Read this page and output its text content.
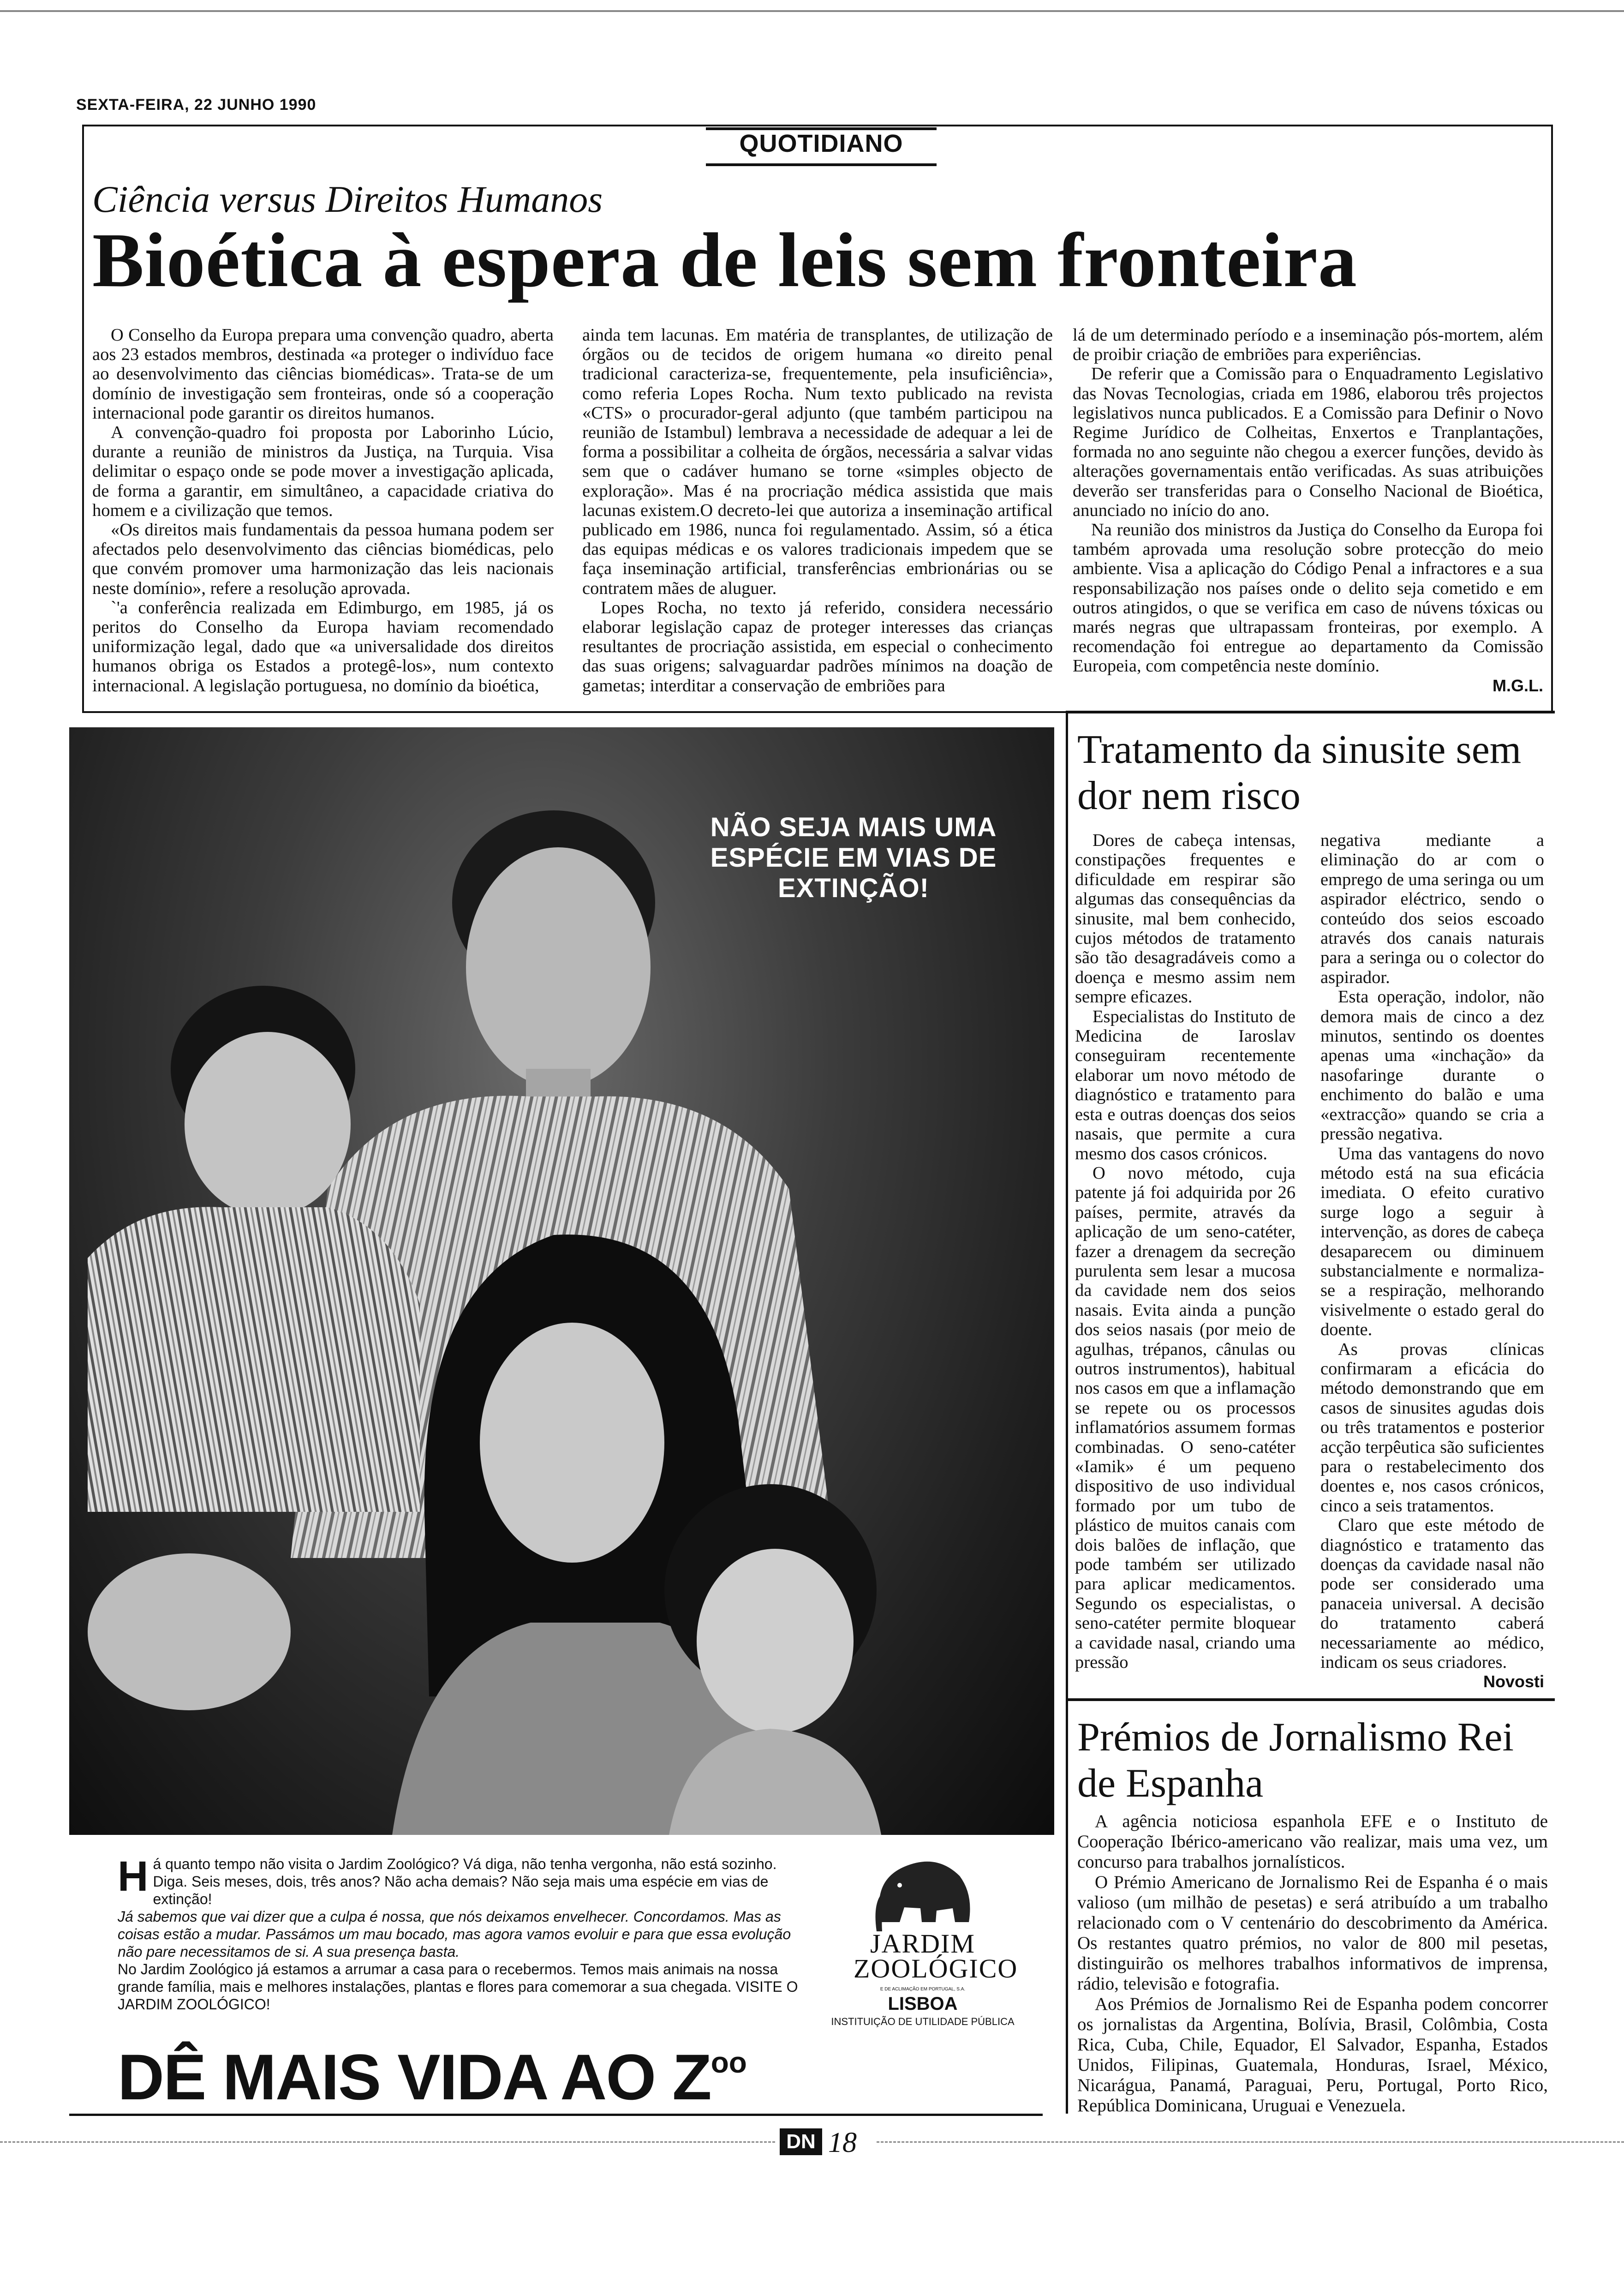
SEXTA-FEIRA, 22 JUNHO 1990
QUOTIDIANO
Ciência versus Direitos Humanos
Bioética à espera de leis sem fronteira

O Conselho da Europa prepara uma convenção quadro, aberta aos 23 estados membros, destinada «a proteger o indivíduo face ao desenvolvimento das ciências biomédicas». Trata-se de um domínio de investigação sem fronteiras, onde só a cooperação internacional pode garantir os direitos humanos.

A convenção-quadro foi proposta por Laborinho Lúcio, durante a reunião de ministros da Justiça, na Turquia. Visa delimitar o espaço onde se pode mover a investigação aplicada, de forma a garantir, em simultâneo, a capacidade criativa do homem e a civilização que temos.

«Os direitos mais fundamentais da pessoa humana podem ser afectados pelo desenvolvimento das ciências biomédicas, pelo que convém promover uma harmonização das leis nacionais neste domínio», refere a resolução aprovada.

`'a conferência realizada em Edimburgo, em 1985, já os peritos do Conselho da Europa haviam recomendado uniformização legal, dado que «a universalidade dos direitos humanos obriga os Estados a protegê-los», num contexto internacional. A legislação portuguesa, no domínio da bioética,

ainda tem lacunas. Em matéria de transplantes, de utilização de órgãos ou de tecidos de origem humana «o direito penal tradicional caracteriza-se, frequentemente, pela insuficiência», como referia Lopes Rocha. Num texto publicado na revista «CTS» o procurador-geral adjunto (que também participou na reunião de Istambul) lembrava a necessidade de adequar a lei de forma a possibilitar a colheita de órgãos, necessária a salvar vidas sem que o cadáver humano se torne «simples objecto de exploração». Mas é na procriação médica assistida que mais lacunas existem.O decreto-lei que autoriza a inseminação artifical publicado em 1986, nunca foi regulamentado. Assim, só a ética das equipas médicas e os valores tradicionais impedem que se faça inseminação artificial, transferências embrionárias ou se contratem mães de aluguer.

Lopes Rocha, no texto já referido, considera necessário elaborar legislação capaz de proteger interesses das crianças resultantes de procriação assistida, em especial o conhecimento das suas origens; salvaguardar padrões mínimos na doação de gametas; interditar a conservação de embriões para

lá de um determinado período e a inseminação pós-mortem, além de proibir criação de embriões para experiências.

De referir que a Comissão para o Enquadramento Legislativo das Novas Tecnologias, criada em 1986, elaborou três projectos legislativos nunca publicados. E a Comissão para Definir o Novo Regime Jurídico de Colheitas, Enxertos e Tranplantações, formada no ano seguinte não chegou a exercer funções, devido às alterações governamentais então verificadas. As suas atribuições deverão ser transferidas para o Conselho Nacional de Bioética, anunciado no início do ano.

Na reunião dos ministros da Justiça do Conselho da Europa foi também aprovada uma resolução sobre protecção do meio ambiente. Visa a aplicação do Código Penal a infractores e a sua responsabilização nos países onde o delito seja cometido e em outros atingidos, o que se verifica em caso de núvens tóxicas ou marés negras que ultrapassam fronteiras, por exemplo. A recomendação foi entregue ao departamento da Comissão Europeia, com competência neste domínio.

M.G.L.
NÃO SEJA MAIS UMA ESPÉCIE EM VIAS DE EXTINÇÃO!
H á quanto tempo não visita o Jardim Zoológico? Vá diga, não tenha vergonha, não está sozinho. Diga. Seis meses, dois, três anos? Não acha demais? Não seja mais uma espécie em vias de extinção!

Já sabemos que vai dizer que a culpa é nossa, que nós deixamos envelhecer. Concordamos. Mas as coisas estão a mudar. Passámos um mau bocado, mas agora vamos evoluir e para que essa evolução não pare necessitamos de si. A sua presença basta.

No Jardim Zoológico já estamos a arrumar a casa para o recebermos. Temos mais animais na nossa grande família, mais e melhores instalações, plantas e flores para comemorar a sua chegada. VISITE O JARDIM ZOOLÓGICO!

JARDIM
ZOOLÓGICO
E DE ACLIMAÇÃO EM PORTUGAL, S.A.
LISBOA
INSTITUIÇÃO DE UTILIDADE PÚBLICA
DÊ MAIS VIDA AO $Z^{oo}$
Tratamento da sinusite sem dor nem risco

Dores de cabeça intensas, constipações frequentes e dificuldade em respirar são algumas das consequências da sinusite, mal bem conhecido, cujos métodos de tratamento são tão desagradáveis como a doença e mesmo assim nem sempre eficazes.

Especialistas do Instituto de Medicina de Iaroslav conseguiram recentemente elaborar um novo método de diagnóstico e tratamento para esta e outras doenças dos seios nasais, que permite a cura mesmo dos casos crónicos.

O novo método, cuja patente já foi adquirida por 26 países, permite, através da aplicação de um seno-catéter, fazer a drenagem da secreção purulenta sem lesar a mucosa da cavidade nem dos seios nasais. Evita ainda a punção dos seios nasais (por meio de agulhas, trépanos, cânulas ou outros instrumentos), habitual nos casos em que a inflamação se repete ou os processos inflamatórios assumem formas combinadas. O seno-catéter «Iamik» é um pequeno dispositivo de uso individual formado por um tubo de plástico de muitos canais com dois balões de inflação, que pode também ser utilizado para aplicar medicamentos. Segundo os especialistas, o seno-catéter permite bloquear a cavidade nasal, criando uma pressão

negativa mediante a eliminação do ar com o emprego de uma seringa ou um aspirador eléctrico, sendo o conteúdo dos seios escoado através dos canais naturais para a seringa ou o colector do aspirador.

Esta operação, indolor, não demora mais de cinco a dez minutos, sentindo os doentes apenas uma «inchação» da nasofaringe durante o enchimento do balão e uma «extracção» quando se cria a pressão negativa.

Uma das vantagens do novo método está na sua eficácia imediata. O efeito curativo surge logo a seguir à intervenção, as dores de cabeça desaparecem ou diminuem substancialmente e normaliza-se a respiração, melhorando visivelmente o estado geral do doente.

As provas clínicas confirmaram a eficácia do método demonstrando que em casos de sinusites agudas dois ou três tratamentos e posterior acção terpêutica são suficientes para o restabelecimento dos doentes e, nos casos crónicos, cinco a seis tratamentos.

Claro que este método de diagnóstico e tratamento das doenças da cavidade nasal não pode ser considerado uma panaceia universal. A decisão do tratamento caberá necessariamente ao médico, indicam os seus criadores.

Novosti
Prémios de Jornalismo Rei de Espanha

A agência noticiosa espanhola EFE e o Instituto de Cooperação Ibérico-americano vão realizar, mais uma vez, um concurso para trabalhos jornalísticos.

O Prémio Americano de Jornalismo Rei de Espanha é o mais valioso (um milhão de pesetas) e será atribuído a um trabalho relacionado com o V centenário do descobrimento da América. Os restantes quatro prémios, no valor de 800 mil pesetas, distinguirão os melhores trabalhos informativos de imprensa, rádio, televisão e fotografia.

Aos Prémios de Jornalismo Rei de Espanha podem concorrer os jornalistas da Argentina, Bolívia, Brasil, Colômbia, Costa Rica, Cuba, Chile, Equador, El Salvador, Espanha, Estados Unidos, Filipinas, Guatemala, Honduras, Israel, México, Nicarágua, Panamá, Paraguai, Peru, Portugal, Porto Rico, República Dominicana, Uruguai e Venezuela.

DN 18
